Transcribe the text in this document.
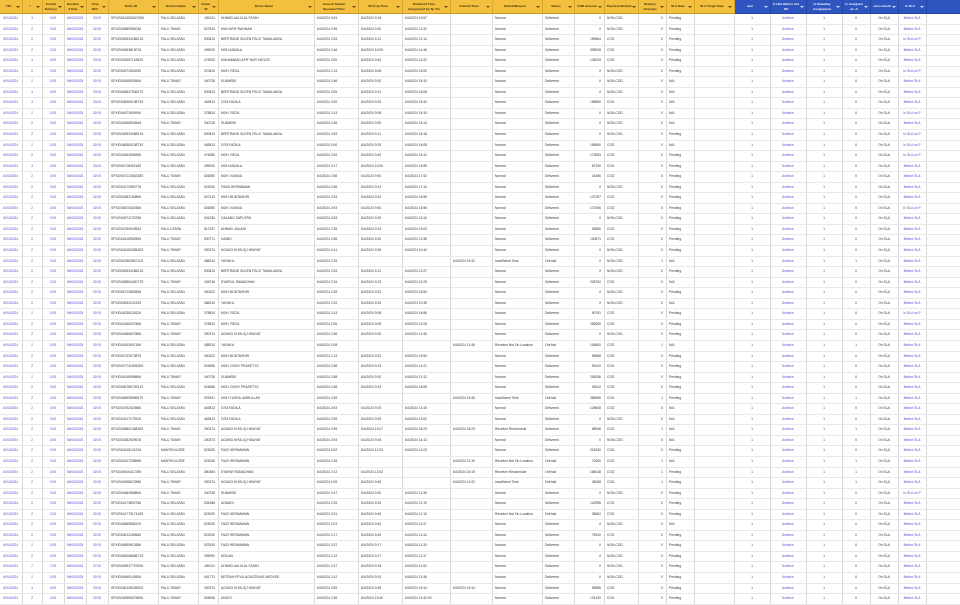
TSL	/	Transit Delivery	Receive d Date	Time RCV	Order ID	District Name	Driver ID	Driver Name	Current Station Received Time	Pick Up Time	Delivered Time transported by Sp Tor	OnHold Time	OnHoldReason	Status	COD Amount	Payment Method	Delivery Attempts	SLA Date	SLA Target Date	sum	Is Hire Before Cut Off	Is Sameday Assignment	Is Assigned at +3	sum onhold	Is SLA	

6/04/2024	3	3:00	06/04/2024	03:00	SPXID04135050/1396	PALU SELATAN	450111	AHMAD AULIA AL FATAH	6/4/2024 3:04	6/4/2024 9:18	6/4/2024 10:57		Normal	Delivered	0	NON-COD	0	Pending		1	Achieve	1	0	On SLA	Before SLA	
6/04/2024	2	2:00	06/04/2024	02:00	SPXID04889982036	PALU TIMUR	527543	MUH ARIF RAHMAN	6/4/2024 2:55	6/4/2024 9:30	6/4/2024 12:22		Normal	Delivered	0	NON-COD	0	Pending		1	Achieve	1	0	On SLA	Before SLA	
6/04/2024	2	2:00	06/04/2024	02:00	SPXID04053405821S	PALU SELATAN	530813	BERTRAND GLEEN FELIX TAMALANGA	6/4/2024 2:53	6/4/2024 9:11	6/4/2024 12:14		Normal	Delivered	189564	COD	0	Pending		1	Achieve	1	0	On SLA	In SLA on P	
6/04/2024	2	2:00	06/04/2024	02:00	SPXID04963819076	PALU SELATAN	499000	MOH ANZALA	6/4/2024 2:46	6/4/2024 10:09	6/4/2024 14:46		Normal	Delivered	395928	COD	0	Pending		1	Achieve	1	0	On SLA	Before SLA	
6/04/2024	3	3:00	06/04/2024	03:00	SPXID04265714352S	PALU SELATAN	475005	MUHAMMAD AFIF NUR KHOLIS	6/4/2024 3:00	6/4/2024 9:40	6/4/2024 14:22		Normal	Delivered	149034	COD	0	Pending		1	Achieve	1	0	On SLA	Before SLA	
6/04/2024	2	2:00	06/04/2024	02:00	SPXID04372500296	PALU SELATAN	370810	MOH. REZA	6/4/2024 2:13	6/4/2024 9:08	6/4/2024 15:00		Normal	Delivered	0	NON-COD	0	Pending		1	Achieve	1	0	On SLA	In SLA on P	
6/04/2024	2	2:00	06/04/2024	02:00	SPXID04268903546	PALU TIMUR	340728	SUMARDI	6/4/2024 2:46	6/4/2024 9:30	6/4/2024 15:10		Normal	Delivered	0	NON-COD	0	N/A		1	Achieve	1	0	On SLA	Before SLA	
6/04/2024	3	3:00	06/04/2024	03:00	SPXID04664754627S	PALU SELATAN	530813	BERTRAND GLEEN FELIX TAMALANGA	6/4/2024 3:05	6/4/2024 9:11	6/4/2024 16:08		Normal	Delivered	0	NON-COD	0	N/A		1	Achieve	1	0	On SLA	Before SLA	
6/04/2024	3	3:00	06/04/2024	03:00	SPXID04838013873S	PALU SELATAN	463813	GITA FADILA	6/4/2024 3:00	6/4/2024 9:25	6/4/2024 15:43		Normal	Delivered	158560	COD	0	N/A		1	Achieve	1	0	On SLA	Before SLA	
6/04/2024	2	2:00	06/04/2024	02:00	SPXID04473594940	PALU SELATAN	378810	MOH. REZA	6/4/2024 2:13	6/4/2024 9:08	6/4/2024 16:10		Normal	Delivered	0	NON-COD	0	N/A		1	Achieve	1	0	On SLA	In SLA on P	
6/04/2024	2	2:00	06/04/2024	02:00	SPXID04268903546	PALU TIMUR	340728	SUMARDI	6/4/2024 2:46	6/4/2024 9:30	6/4/2024 16:13		Normal	Delivered	0	NON-COD	0	N/A		1	Achieve	1	0	On SLA	Before SLA	
6/04/2024	2	2:00	06/04/2024	02:00	SPXID04053405821S	PALU SELATAN	530813	BERTRAND GLEEN FELIX TAMALANGA	6/4/2024 2:53	6/4/2024 9:11	6/4/2024 16:18		Normal	Delivered	0	NON-COD	0	Pending		1	Achieve	1	0	On SLA	In SLA on P	
6/04/2024	2	2:00	06/04/2024	02:00	SPXID04838013873S	PALU SELATAN	463813	GITA FADILA	6/4/2024 2:00	6/4/2024 9:25	6/4/2024 16:08		Normal	Delivered	158560	COD	0	N/A		1	Achieve	1	0	On SLA	In SLA on P	
6/04/2024	2	2:00	06/04/2024	02:00	SPXID04464956266	PALU SELATAN	476380	MOH. REZA	6/4/2024 2:52	6/4/2024 9:40	6/4/2024 16:12		Normal	Delivered	173833	COD	0	Pending		1	Achieve	1	0	On SLA	In SLA on P	
6/04/2024	3	3:00	06/04/2024	03:00	SPXID04718452185	PALU SELATAN	499000	MOH ANZALA	6/4/2024 3:17	6/4/2024 10:09	6/4/2024 16:59		Normal	Delivered	87320	COD	0	Pending		1	Achieve	1	0	On SLA	Before SLA	
6/04/2024	2	2:00	06/04/2024	02:00	SPXID04712354238S	PALU TIMUR	526550	MOH. BUNDU	6/4/2024 2:56	6/4/2024 9:40	6/4/2024 17:52		Normal	Delivered	34486	COD	0	Pending		1	Achieve	1	0	On SLA	Before SLA	
6/04/2024	2	2:00	06/04/2024	02:00	SPXID04172590776	PALU SELATAN	523030	FAIZA HERMAWAN	6/4/2024 2:56	6/4/2024 9:24	6/4/2024 17:10		Normal	Delivered	0	NON-COD	0	Pending		1	Achieve	1	0	On SLA	Before SLA	
6/04/2024	2	2:00	06/04/2024	02:00	SPXID04382190896	PALU SELATAN	507410	MOH MUNTASHIR	6/4/2024 2:53	6/4/2024 9:22	6/4/2024 16:59		Normal	Delivered	147297	COD	0	Pending		1	Achieve	1	0	On SLA	Before SLA	
6/04/2024	2	2:00	06/04/2024	02:00	SPXID04875462386	PALU SELATAN	526550	MOH. BUNDU	6/4/2024 2:53	6/4/2024 9:40	6/4/2024 16:56		Normal	Delivered	172496	COD	0	Pending		1	Achieve	1	0	On SLA	In SLA on P	
6/04/2024	2	2:00	06/04/2024	02:00	SPXID04974723786	PALU SELATAN	531336	GALANG SAPUTRA	6/4/2024 2:53	6/4/2024 9:20	6/4/2024 13:10		Normal	Delivered	0	NON-COD	0	Pending		1	Achieve	1	0	On SLA	Before SLA	
6/04/2024	2	2:00	06/04/2024	02:00	SPXID04750640534	PALU UTARA	512767	AHMAD JAILANI	6/4/2024 2:35	6/4/2024 9:33	6/4/2024 13:03		Normal	Delivered	53850	COD	0	Pending		1	Achieve	1	0	On SLA	Before SLA	
6/04/2024	2	2:00	06/04/2024	02:00	SPXID04418952596	PALU TIMUR	530771	HAMID	6/4/2024 2:56	6/4/2024 9:30	6/4/2024 13:36		Normal	Delivered	100871	COD	0	Pending		1	Achieve	1	0	On SLA	Before SLA	
6/04/2024	2	2:00	06/04/2024	02:00	SPXID04318155526S	PALU TIMUR	330374	AGUNG KHOLIQ HIDAYAT	6/4/2024 2:41	6/4/2024 9:26	6/4/2024 10:40		Normal	Delivered	0	NON-COD	0	Pending		1	Achieve	1	0	On SLA	Before SLA	
6/04/2024	2	2:00	06/04/2024	02:00	SPXID04786380711S	PALU SELATAN	488310	YAYAN A	6/4/2024 2:15			6/4/2024 19:31	Insufficient Time	OnHold	0	NON-COD	1	N/A		1	Achieve	1	1	On SLA	Before SLA	
6/04/2024	2	2:00	06/04/2024	02:00	SPXID04053405821S	PALU SELATAN	530813	BERTRAND GLEEN FELIX TAMALANGA	6/4/2024 2:53	6/4/2024 9:11	6/4/2024 13:27		Normal	Delivered	0	NON-COD	0	Pending		1	Achieve	1	0	On SLA	Before SLA	
6/04/2024	2	2:00	06/04/2024	02:00	SPXID04855440077S	PALU TIMUR	445746	SYAIRUL RAMADHAN	6/4/2024 2:34	6/4/2024 9:23	6/4/2024 21:05		Normal	Delivered	208792	COD	0	N/A		1	Achieve	1	0	On SLA	Before SLA	
6/04/2024	2	2:00	06/04/2024	02:00	SPXID04714852698	PALU SELATAN	490322	MOH MUNTASHIR	6/4/2024 2:28	6/4/2024 9:22	6/4/2024 15:52		Normal	Delivered	0	NON-COD	0	Pending		1	Achieve	1	0	On SLA	Before SLA	
6/04/2024	2	2:00	06/04/2024	02:00	SPXID04532232139	PALU SELATAN	488310	YAYAN A	6/4/2024 2:22	6/4/2024 9:34	6/4/2024 10:45		Normal	Delivered	0	NON-COD	0	N/A		1	Achieve	1	0	On SLA	Before SLA	
6/04/2024	2	2:00	06/04/2024	02:00	SPXID04235128126	PALU SELATAN	378810	MOH. REZA	6/4/2024 2:13	6/4/2024 9:08	6/4/2024 16:56		Normal	Delivered	90781	COD	0	Pending		1	Achieve	1	0	On SLA	In SLA on P	
6/04/2024	2	2:00	06/04/2024	02:00	SPXID04188427866	PALU TIMUR	378810	MOH. REZA	6/4/2024 2:06	6/4/2024 9:08	6/4/2024 12:05		Normal	Delivered	289060	COD	0	Pending		1	Achieve	1	0	On SLA	Before SLA	
6/04/2024	2	2:00	06/04/2024	02:00	SPXID04486627866	PALU TIMUR	330374	AGUNG KHOLIQ HIDAYAT	6/4/2024 2:56	6/4/2024 9:30	6/4/2024 12:45		Normal	Delivered	0	NON-COD	0	Pending		1	Achieve	1	0	On SLA	Before SLA	
6/04/2024	2	2:00	06/04/2024	02:00	SPXID04152607166	PALU SELATAN	488310	YAYAN A	6/4/2024 2:08			6/4/2024 11:46	Receiver Not On Location	OnHold	105600	COD	1	N/A		1	Achieve	1	1	On SLA	Before SLA	
6/04/2024	2	2:00	06/04/2024	02:00	SPXID04732073875	PALU SELATAN	490322	MOH MUNTASHIR	6/4/2024 2:13	6/4/2024 9:22	6/4/2024 19:52		Normal	Delivered	98968	COD	0	Pending		1	Achieve	1	0	On SLA	Before SLA	
6/04/2024	2	2:00	06/04/2024	02:00	SPXID04774183328S	PALU SELATAN	524856	MOH. DONY PRASETYO	6/4/2024 2:58	6/4/2024 9:23	6/4/2024 14:21		Normal	Delivered	95100	COD	0	Pending		1	Achieve	1	0	On SLA	Before SLA	
6/04/2024	2	2:00	06/04/2024	02:00	SPXID04248956566	PALU TIMUR	340728	SUMARDI	6/4/2024 2:58	6/4/2024 9:30	6/4/2024 13:12		Normal	Delivered	208256	COD	0	Pending		1	Achieve	1	0	On SLA	Before SLA	
6/04/2024	2	2:00	06/04/2024	02:00	SPXID04678579231S	PALU SELATAN	524856	MOH. DONY PRASETYO	6/4/2024 2:58	6/4/2024 9:23	6/4/2024 16:08		Normal	Delivered	93612	COD	0	Pending		1	Achieve	1	0	On SLA	Before SLA	
6/04/2024	2	2:00	06/04/2024	02:00	SPXID04699899657S	PALU TIMUR	529321	MOH YUSRIL AMRULLAH	6/4/2024 2:59			6/4/2024 19:45	Insufficient Time	OnHold	385596	COD	1	Pending		1	Achieve	1	1	On SLA	Before SLA	
6/04/2024	2	2:00	06/04/2024	02:00	SPXID04752424586	PALU SELATAN	463813	GITA FADILA	6/4/2024 2:53	6/4/2024 9:25	6/4/2024 13:15		Normal	Delivered	129648	COD	0	N/A		1	Achieve	1	0	On SLA	Before SLA	
6/04/2024	2	2:00	06/04/2024	02:00	SPXID04217179226	PALU SELATAN	463813	GITA FADILA	6/4/2024 2:59	6/4/2024 9:25	6/4/2024 13:02		Normal	Delivered	0	NON-COD	0	N/A		1	Achieve	1	0	On SLA	Before SLA	
6/04/2024	2	2:00	06/04/2024	02:00	SPXID04880246828S	PALU TIMUR	330374	AGUNG KHOLIQ HIDAYAT	6/4/2024 2:59	6/4/2024 19:27	6/4/2024 18:23	6/4/2024 18:23	Receiver Reschedule	Delivered	88946	COD	1	N/A		1	Achieve	1	1	On SLA	Before SLA	
6/04/2024	2	2:00	06/04/2024	02:00	SPXID04282929676	PALU TIMUR	330374	AGUNG KHOLIQ HIDAYAT	6/4/2024 2:54	6/4/2024 9:45	6/4/2024 14:13		Normal	Delivered	0	NON-COD	0	N/A		1	Achieve	1	0	On SLA	Before SLA	
6/04/2024	2	2:00	06/04/2024	02:00	SPXID04248121226	MANTIKULORE	523030	FAIZI HERMAWAN	6/4/2024 2:02	6/4/2024 12:03	6/4/2024 12:03		Normal	Delivered	215240	COD	0	Pending		1	Achieve	1	0	On SLA	Before SLA	
6/04/2024	2	2:00	06/04/2024	02:00	SPXID04127298996	MANTIKULORE	523030	FAIZI HERMAWAN	6/4/2024 2:18			6/4/2024 12:19	Receiver Not On Location	OnHold	70000	COD	1	N/A		1	Achieve	1	1	On SLA	Before SLA	
6/04/2024	2	2:00	06/04/2024	02:00	SPXID04516412786	PALU SELATAN	380484	SYAFAR RAMADHAN	6/4/2024 2:12	6/4/2024 13:02		6/4/2024 20:19	Receiver Reschedule	OnHold	168018	COD	1	Pending		1	Achieve	1	1	On SLA	Before SLA	
6/04/2024	2	2:00	06/04/2024	02:00	SPXID04398672586	PALU TIMUR	330374	AGUNG KHOLIQ HIDAYAT	6/4/2024 2:09	6/4/2024 9:45		6/4/2024 19:22	Insufficient Time	OnHold	36068	COD	1	Pending		1	Achieve	1	1	On SLA	Before SLA	
6/04/2024	2	2:00	06/04/2024	02:00	SPXID04484988506	PALU TIMUR	340728	SUMARDI	6/4/2024 2:47	6/4/2024 9:30	6/4/2024 11:35		Normal	Delivered	0	NON-COD	0	Pending		1	Achieve	1	0	On SLA	In SLA on P	
6/04/2024	2	2:00	06/04/2024	02:00	SPXID04173892766	PALU SELATAN	534486	AGNADI	6/4/2024 2:25	6/4/2024 9:34	6/4/2024 12:19		Normal	Delivered	142996	COD	0	Pending		1	Achieve	1	0	On SLA	Before SLA	
6/04/2024	2	2:00	06/04/2024	02:00	SPXID04177917418S	PALU SELATAN	523030	FAIZI HERMAWAN	6/4/2024 2:31	6/4/2024 9:40	6/4/2024 12:10		Receiver Not On Location	OnHold	38662	COD	0	Pending		1	Achieve	1	0	On SLA	Before SLA	
6/04/2024	2	2:00	06/04/2024	02:00	SPXID04869856119	PALU SELATAN	523030	FAIZI HERMAWAN	6/4/2024 2:03	6/4/2024 9:40	6/4/2024 11:47		Normal	Delivered	0	NON-COD	0	N/A		1	Achieve	1	0	On SLA	Before SLA	
6/04/2024	2	2:00	06/04/2024	02:00	SPXID04812280666	PALU SELATAN	523030	FAIZI HERMAWAN	6/4/2024 2:17	6/4/2024 9:40	6/4/2024 11:44		Normal	Delivered	75942	COD	0	Pending		1	Achieve	1	0	On SLA	Before SLA	
6/04/2024	2	2:00	06/04/2024	02:00	SPXID04899512686	PALU SELATAN	522630	FAIZI HERMAWAN	6/4/2024 2:37	6/4/2024 9:17	6/4/2024 11:30		Normal	Delivered	0	NON-COD	0	Pending		1	Achieve	1	0	On SLA	Before SLA	
6/04/2024	2	2:00	06/04/2024	02:00	SPXID04626865671S	PALU SELATAN	395990	ARLIAN	6/4/2024 2:12	6/4/2024 9:17	6/4/2024 11:37		Normal	Delivered	0	NON-COD	0	Pending		1	Achieve	1	0	On SLA	Before SLA	
6/04/2024	7	7:00	06/04/2024	07:00	SPXID04993779769S	PALU SELATAN	450111	AHMAD AULIA AL FATAH	6/4/2024 2:37	6/4/2024 9:18	6/4/2024 11:52		Normal	Delivered	0	NON-COD	0	Pending		1	Achieve	1	0	On SLA	Before SLA	
6/04/2024	2	2:00	06/04/2024	02:00	SPXID04969142606	PALU SELATAN	451773	BETRAN FEVIL AGUSTINUS MEDVED	6/4/2024 2:12	6/4/2024 9:19	6/4/2024 13:46		Normal	Delivered	0	NON-COD	0	Pending		1	Achieve	1	0	On SLA	Before SLA	
6/04/2024	3	3:00	06/04/2024	03:00	SPXID04014522690S	PALU TIMUR	330374	AGUNG KHOLIQ HIDAYAT	6/4/2024 2:59	6/4/2024 9:45	6/4/2024 19:14	6/4/2024 19:14	Normal	Delivered	98986	COD	0	Pending		1	Achieve	1	0	On SLA	Before SLA	
6/04/2024	2	2:00	06/04/2024	02:00	SPXID04059657589S	PALU TIMUR	528996	ANGGI	6/4/2024 2:36	6/4/2024 13:40	6/4/2024 13:42:00		Normal	Delivered	134120	COD	0	Pending		1	Achieve	1	0	On SLA	Before SLA	
